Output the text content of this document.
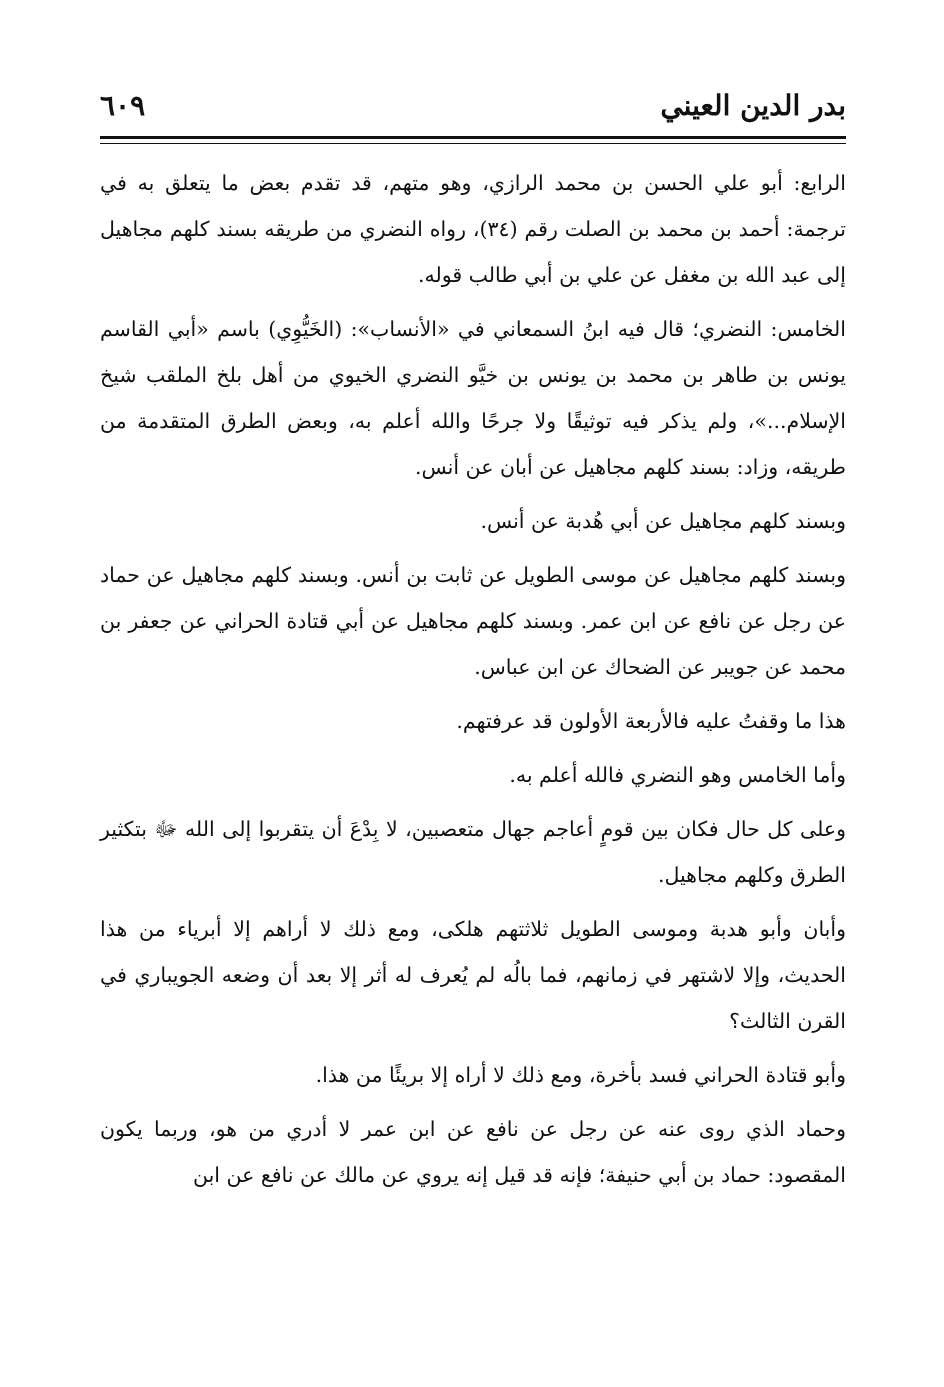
بدر الدين العيني
٦٠٩

الرابع: أبو علي الحسن بن محمد الرازي، وهو متهم، قد تقدم بعض ما يتعلق به في ترجمة: أحمد بن محمد بن الصلت رقم (٣٤)، رواه النضري من طريقه بسند كلهم مجاهيل إلى عبد الله بن مغفل عن علي بن أبي طالب قوله.

الخامس: النضري؛ قال فيه ابنُ السمعاني في «الأنساب»: (الخَيُّوِي) باسم «أبي القاسم يونس بن طاهر بن محمد بن يونس بن خيَّو النضري الخيوي من أهل بلخ الملقب شيخ الإسلام...»، ولم يذكر فيه توثيقًا ولا جرحًا والله أعلم به، وبعض الطرق المتقدمة من طريقه، وزاد: بسند كلهم مجاهيل عن أبان عن أنس.

وبسند كلهم مجاهيل عن أبي هُدبة عن أنس.

وبسند كلهم مجاهيل عن موسى الطويل عن ثابت بن أنس. وبسند كلهم مجاهيل عن حماد عن رجل عن نافع عن ابن عمر. وبسند كلهم مجاهيل عن أبي قتادة الحراني عن جعفر بن محمد عن جويبر عن الضحاك عن ابن عباس.

هذا ما وقفتُ عليه فالأربعة الأولون قد عرفتهم.

وأما الخامس وهو النضري فالله أعلم به.

وعلى كل حال فكان بين قومٍ أعاجم جهال متعصبين، لا بِدْعَ أن يتقربوا إلى الله ﷻ بتكثير الطرق وكلهم مجاهيل.

وأبان وأبو هدبة وموسى الطويل ثلاثتهم هلكى، ومع ذلك لا أراهم إلا أبرياء من هذا الحديث، وإلا لاشتهر في زمانهم، فما بالُه لم يُعرف له أثر إلا بعد أن وضعه الجويباري في القرن الثالث؟

وأبو قتادة الحراني فسد بأخرة، ومع ذلك لا أراه إلا بريئًا من هذا.

وحماد الذي روى عنه عن رجل عن نافع عن ابن عمر لا أدري من هو، وربما يكون المقصود: حماد بن أبي حنيفة؛ فإنه قد قيل إنه يروي عن مالك عن نافع عن ابن
